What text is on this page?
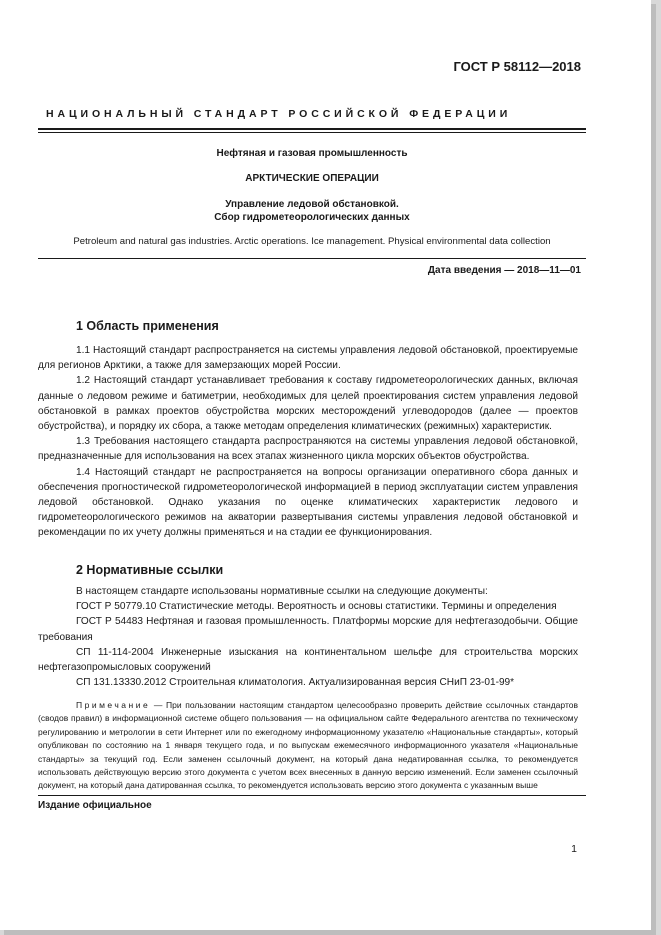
ГОСТ Р 58112—2018
НАЦИОНАЛЬНЫЙ СТАНДАРТ РОССИЙСКОЙ ФЕДЕРАЦИИ
Нефтяная и газовая промышленность
АРКТИЧЕСКИЕ ОПЕРАЦИИ
Управление ледовой обстановкой.
Сбор гидрометеорологических данных
Petroleum and natural gas industries. Arctic operations. Ice management. Physical environmental data collection
Дата введения — 2018—11—01
1 Область применения

1.1 Настоящий стандарт распространяется на системы управления ледовой обстановкой, проектируемые для регионов Арктики, а также для замерзающих морей России.

1.2 Настоящий стандарт устанавливает требования к составу гидрометеорологических данных, включая данные о ледовом режиме и батиметрии, необходимых для целей проектирования систем управления ледовой обстановкой в рамках проектов обустройства морских месторождений углеводородов (далее — проектов обустройства), и порядку их сбора, а также методам определения климатических (режимных) характеристик.

1.3 Требования настоящего стандарта распространяются на системы управления ледовой обстановкой, предназначенные для использования на всех этапах жизненного цикла морских объектов обустройства.

1.4 Настоящий стандарт не распространяется на вопросы организации оперативного сбора данных и обеспечения прогностической гидрометеорологической информацией в период эксплуатации систем управления ледовой обстановкой. Однако указания по оценке климатических характеристик ледового и гидрометеорологического режимов на акватории развертывания системы управления ледовой обстановкой и рекомендации по их учету должны применяться и на стадии ее функционирования.

2 Нормативные ссылки

В настоящем стандарте использованы нормативные ссылки на следующие документы:

ГОСТ Р 50779.10 Статистические методы. Вероятность и основы статистики. Термины и определения

ГОСТ Р 54483 Нефтяная и газовая промышленность. Платформы морские для нефтегазодобычи. Общие требования

СП 11-114-2004 Инженерные изыскания на континентальном шельфе для строительства морских нефтегазопромысловых сооружений

СП 131.13330.2012 Строительная климатология. Актуализированная версия СНиП 23-01-99*

Примечание — При пользовании настоящим стандартом целесообразно проверить действие ссылочных стандартов (сводов правил) в информационной системе общего пользования — на официальном сайте Федерального агентства по техническому регулированию и метрологии в сети Интернет или по ежегодному информационному указателю «Национальные стандарты», который опубликован по состоянию на 1 января текущего года, и по выпускам ежемесячного информационного указателя «Национальные стандарты» за текущий год. Если заменен ссылочный документ, на который дана недатированная ссылка, то рекомендуется использовать действующую версию этого документа с учетом всех внесенных в данную версию изменений. Если заменен ссылочный документ, на который дана датированная ссылка, то рекомендуется использовать версию этого документа с указанным выше

Издание официальное
1
